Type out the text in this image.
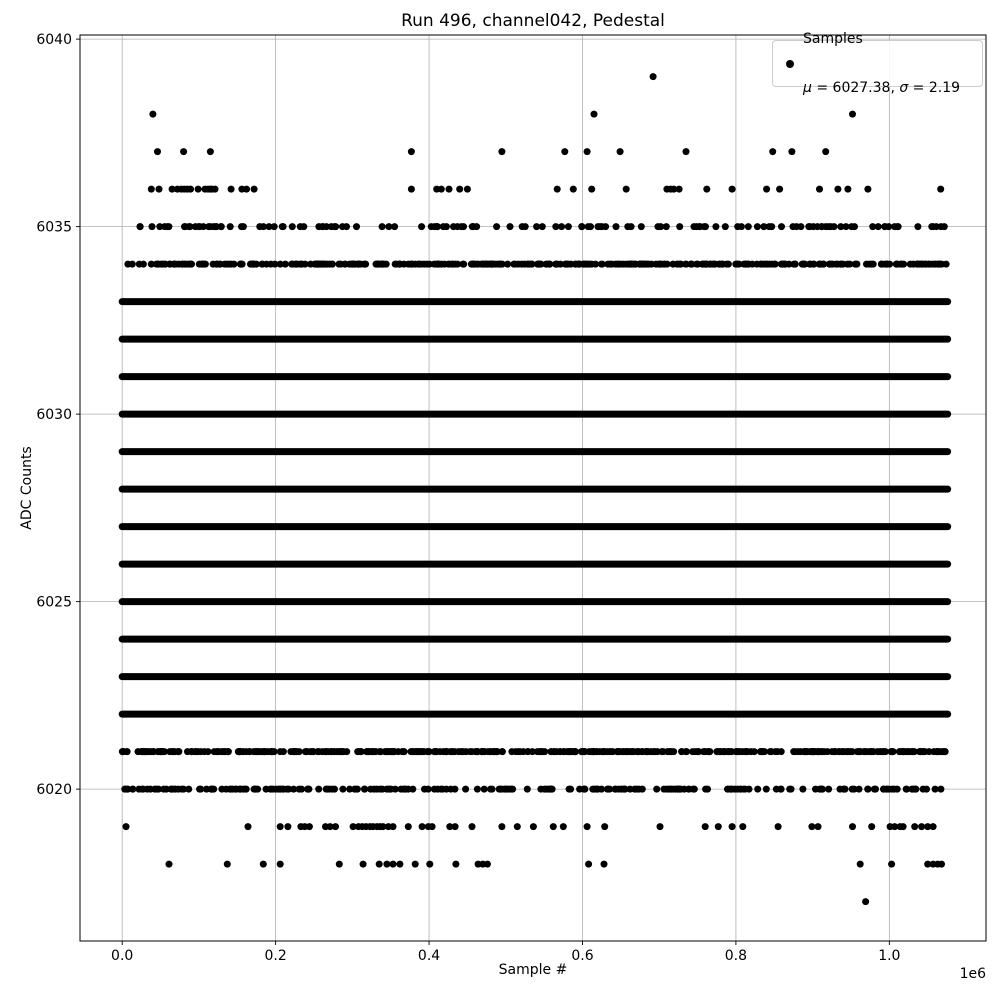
0.0	0.2	0.4	0.6	0.8	1.0
6020
6025
6030
6035
6040
1e6
Run 496, channel042, Pedestal
Sample #
ADC Counts

Samples

μ = 6027.38, σ = 2.19
